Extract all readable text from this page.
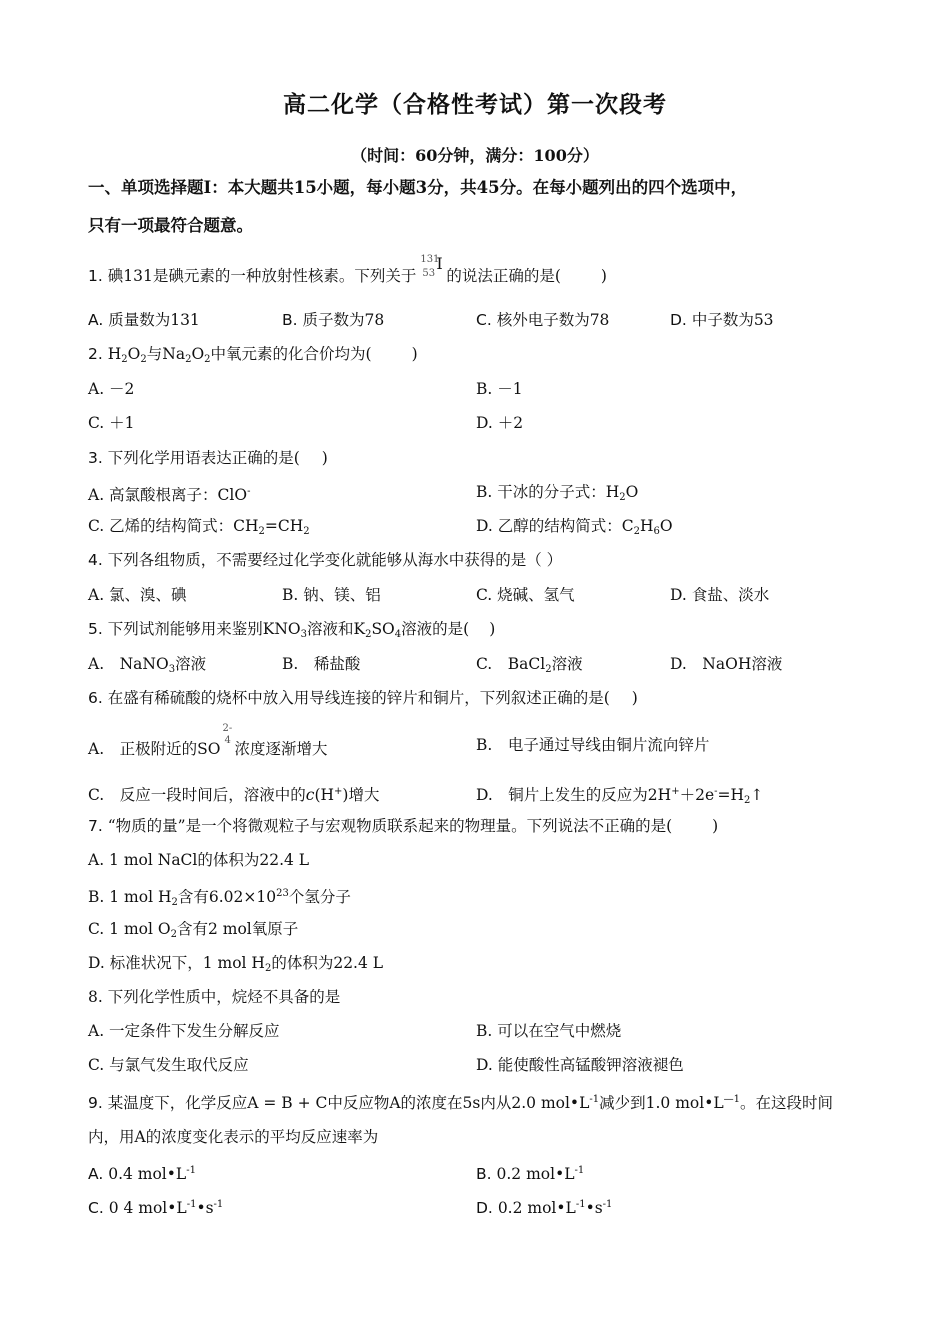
高二化学（合格性考试）第一次段考
（时间：60分钟，满分：100分）
一、单项选择题Ⅰ：本大题共15小题，每小题3分，共45分。在每小题列出的四个选项中，
只有一项最符合题意。
1. 碘131是碘元素的一种放射性核素。下列关于
131
53
I
的说法正确的是(	)
A. 质量数为131	B. 质子数为78	C. 核外电子数为78	D. 中子数为53
2. $H_2O_2$与$Na_2O_2$中氧元素的化合价均为(	)
A. －2	B. －1
C. ＋1	D. ＋2
3. 下列化学用语表达正确的是( )
A. 高氯酸根离子：ClO-	B. 干冰的分子式：$H_2O$
C. 乙烯的结构简式：$CH_2=CH_2$	D. 乙醇的结构简式：$C_2H_6O$
4. 下列各组物质，不需要经过化学变化就能够从海水中获得的是（ ）
A. 氯、溴、碘	B. 钠、镁、铝	C. 烧碱、氢气	D. 食盐、淡水
5. 下列试剂能够用来鉴别$KNO_3$溶液和$K_2SO_4$溶液的是( )
A.　NaNO$_3$溶液	B.　稀盐酸	C.　BaCl$_2$溶液	D.　NaOH溶液
6. 在盛有稀硫酸的烧杯中放入用导线连接的锌片和铜片，下列叙述正确的是( )
A.　正极附近的SO
2-
4 浓度逐渐增大	B.　电子通过导线由铜片流向锌片
C.　反应一段时间后，溶液中的c(H+)增大	D.　铜片上发生的反应为$2H^++2e^-=H_2↑$
7. “物质的量”是一个将微观粒子与宏观物质联系起来的物理量。下列说法不正确的是(	)
A. 1 mol NaCl的体积为22.4 L
B. 1 mol $H_2$含有$6.02\times 10^{23}$个氢分子
C. 1 mol $O_2$含有2 mol氧原子
D. 标准状况下，1 mol $H_2$的体积为22.4 L
8. 下列化学性质中，烷烃不具备的是
A. 一定条件下发生分解反应	B. 可以在空气中燃烧
C. 与氯气发生取代反应	D. 能使酸性高锰酸钾溶液褪色
9. 某温度下，化学反应A = B + C中反应物A的浓度在5s内从2.0 $mol•L^{-1}$减少到1.0 $mol•L^{—1}$。在这段时间
内，用A的浓度变化表示的平均反应速率为
A. 0.4 $mol•L^{-1}$	B. 0.2 $mol•L^{-1}$
C. 0 4 $mol•L^{-1}•s^{-1}$	D. 0.2 $mol•L^{-1}•s^{-1}$
